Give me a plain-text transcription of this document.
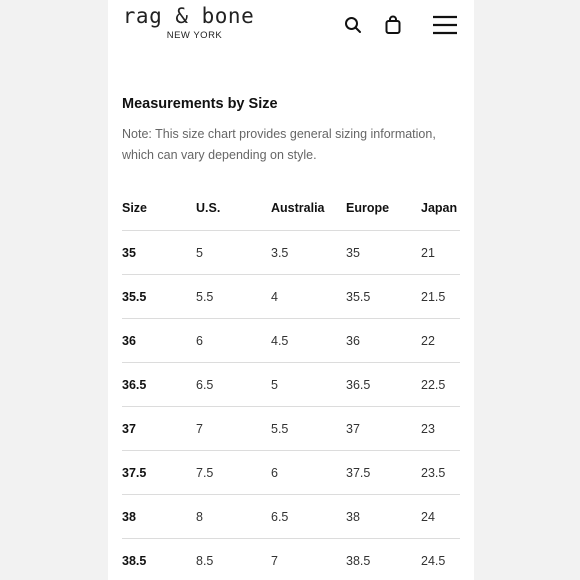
rag & bone
NEW YORK
Measurements by Size
Note: This size chart provides general sizing information, which can vary depending on style.
Size	U.S.	Australia	Europe	Japan
35	5	3.5	35	21
35.5	5.5	4	35.5	21.5
36	6	4.5	36	22
36.5	6.5	5	36.5	22.5
37	7	5.5	37	23
37.5	7.5	6	37.5	23.5
38	8	6.5	38	24
38.5	8.5	7	38.5	24.5
